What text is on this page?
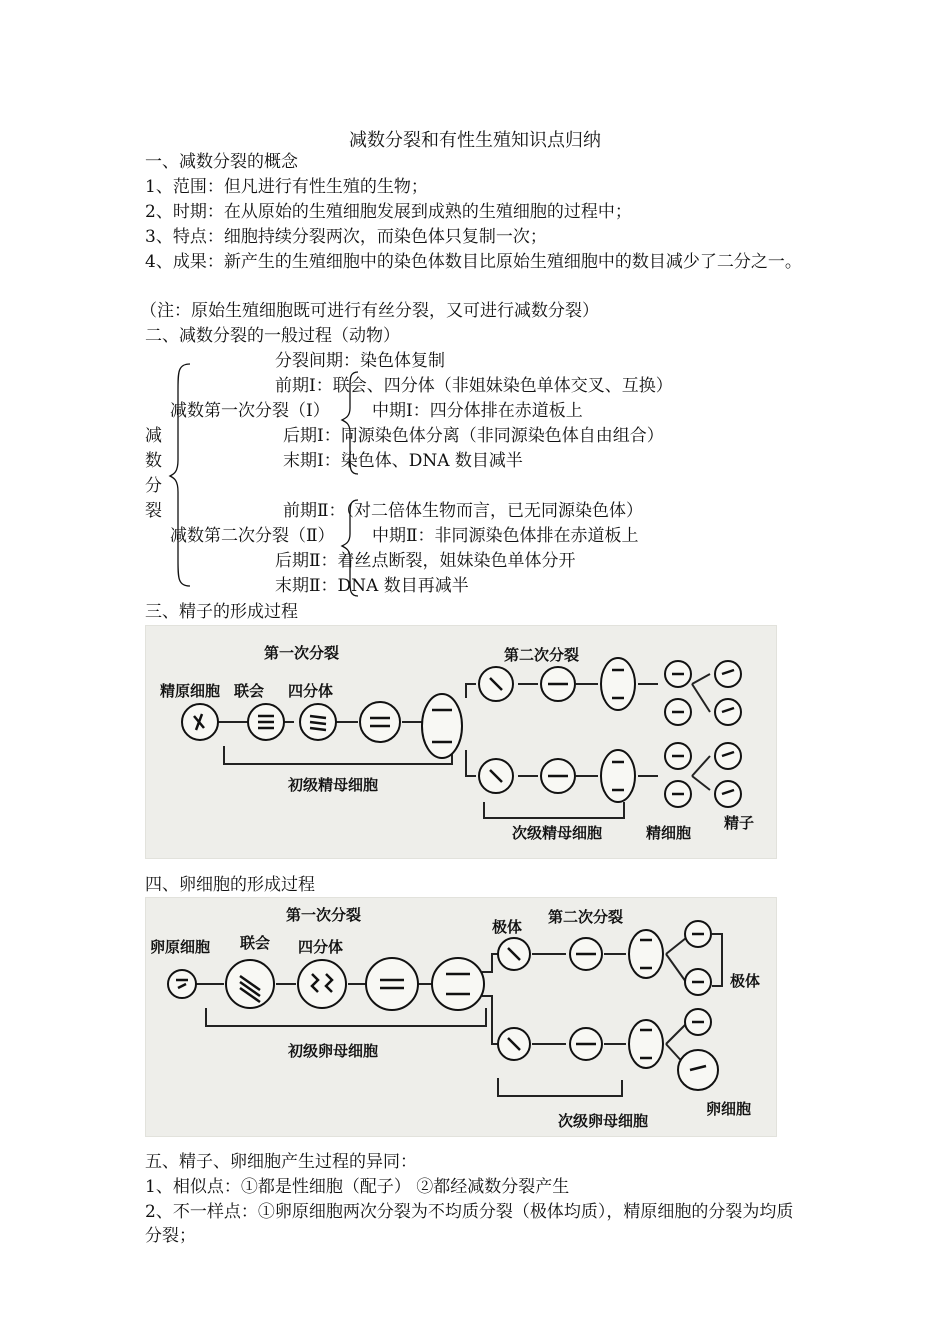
减数分裂和有性生殖知识点归纳
一、减数分裂的概念
1、范围：但凡进行有性生殖的生物；
2、时期：在从原始的生殖细胞发展到成熟的生殖细胞的过程中；
3、特点：细胞持续分裂两次，而染色体只复制一次；
4、成果：新产生的生殖细胞中的染色体数目比原始生殖细胞中的数目减少了二分之一。
（注：原始生殖细胞既可进行有丝分裂，又可进行减数分裂）
二、减数分裂的一般过程（动物）
减
数
分
裂
分裂间期：染色体复制
减数第一次分裂（Ⅰ）
前期Ⅰ：联会、四分体（非姐妹染色单体交叉、互换）
中期Ⅰ：四分体排在赤道板上
后期Ⅰ：同源染色体分离（非同源染色体自由组合）
末期Ⅰ：染色体、DNA 数目减半
减数第二次分裂（Ⅱ）
前期Ⅱ：（对二倍体生物而言，已无同源染色体）
中期Ⅱ：非同源染色体排在赤道板上
后期Ⅱ：着丝点断裂，姐妹染色单体分开
末期Ⅱ：DNA 数目再减半
三、精子的形成过程
第一次分裂	第二次分裂
精原细胞 联会 四分体
初级精母细胞
次级精母细胞	精细胞
精子
四、卵细胞的形成过程
第一次分裂	第二次分裂
卵原细胞 联会 四分体
极体
极体
初级卵母细胞
次级卵母细胞
卵细胞
五、精子、卵细胞产生过程的异同：
1、相似点：①都是性细胞（配子） ②都经减数分裂产生
2、不一样点：①卵原细胞两次分裂为不均质分裂（极体均质），精原细胞的分裂为均质分裂；
